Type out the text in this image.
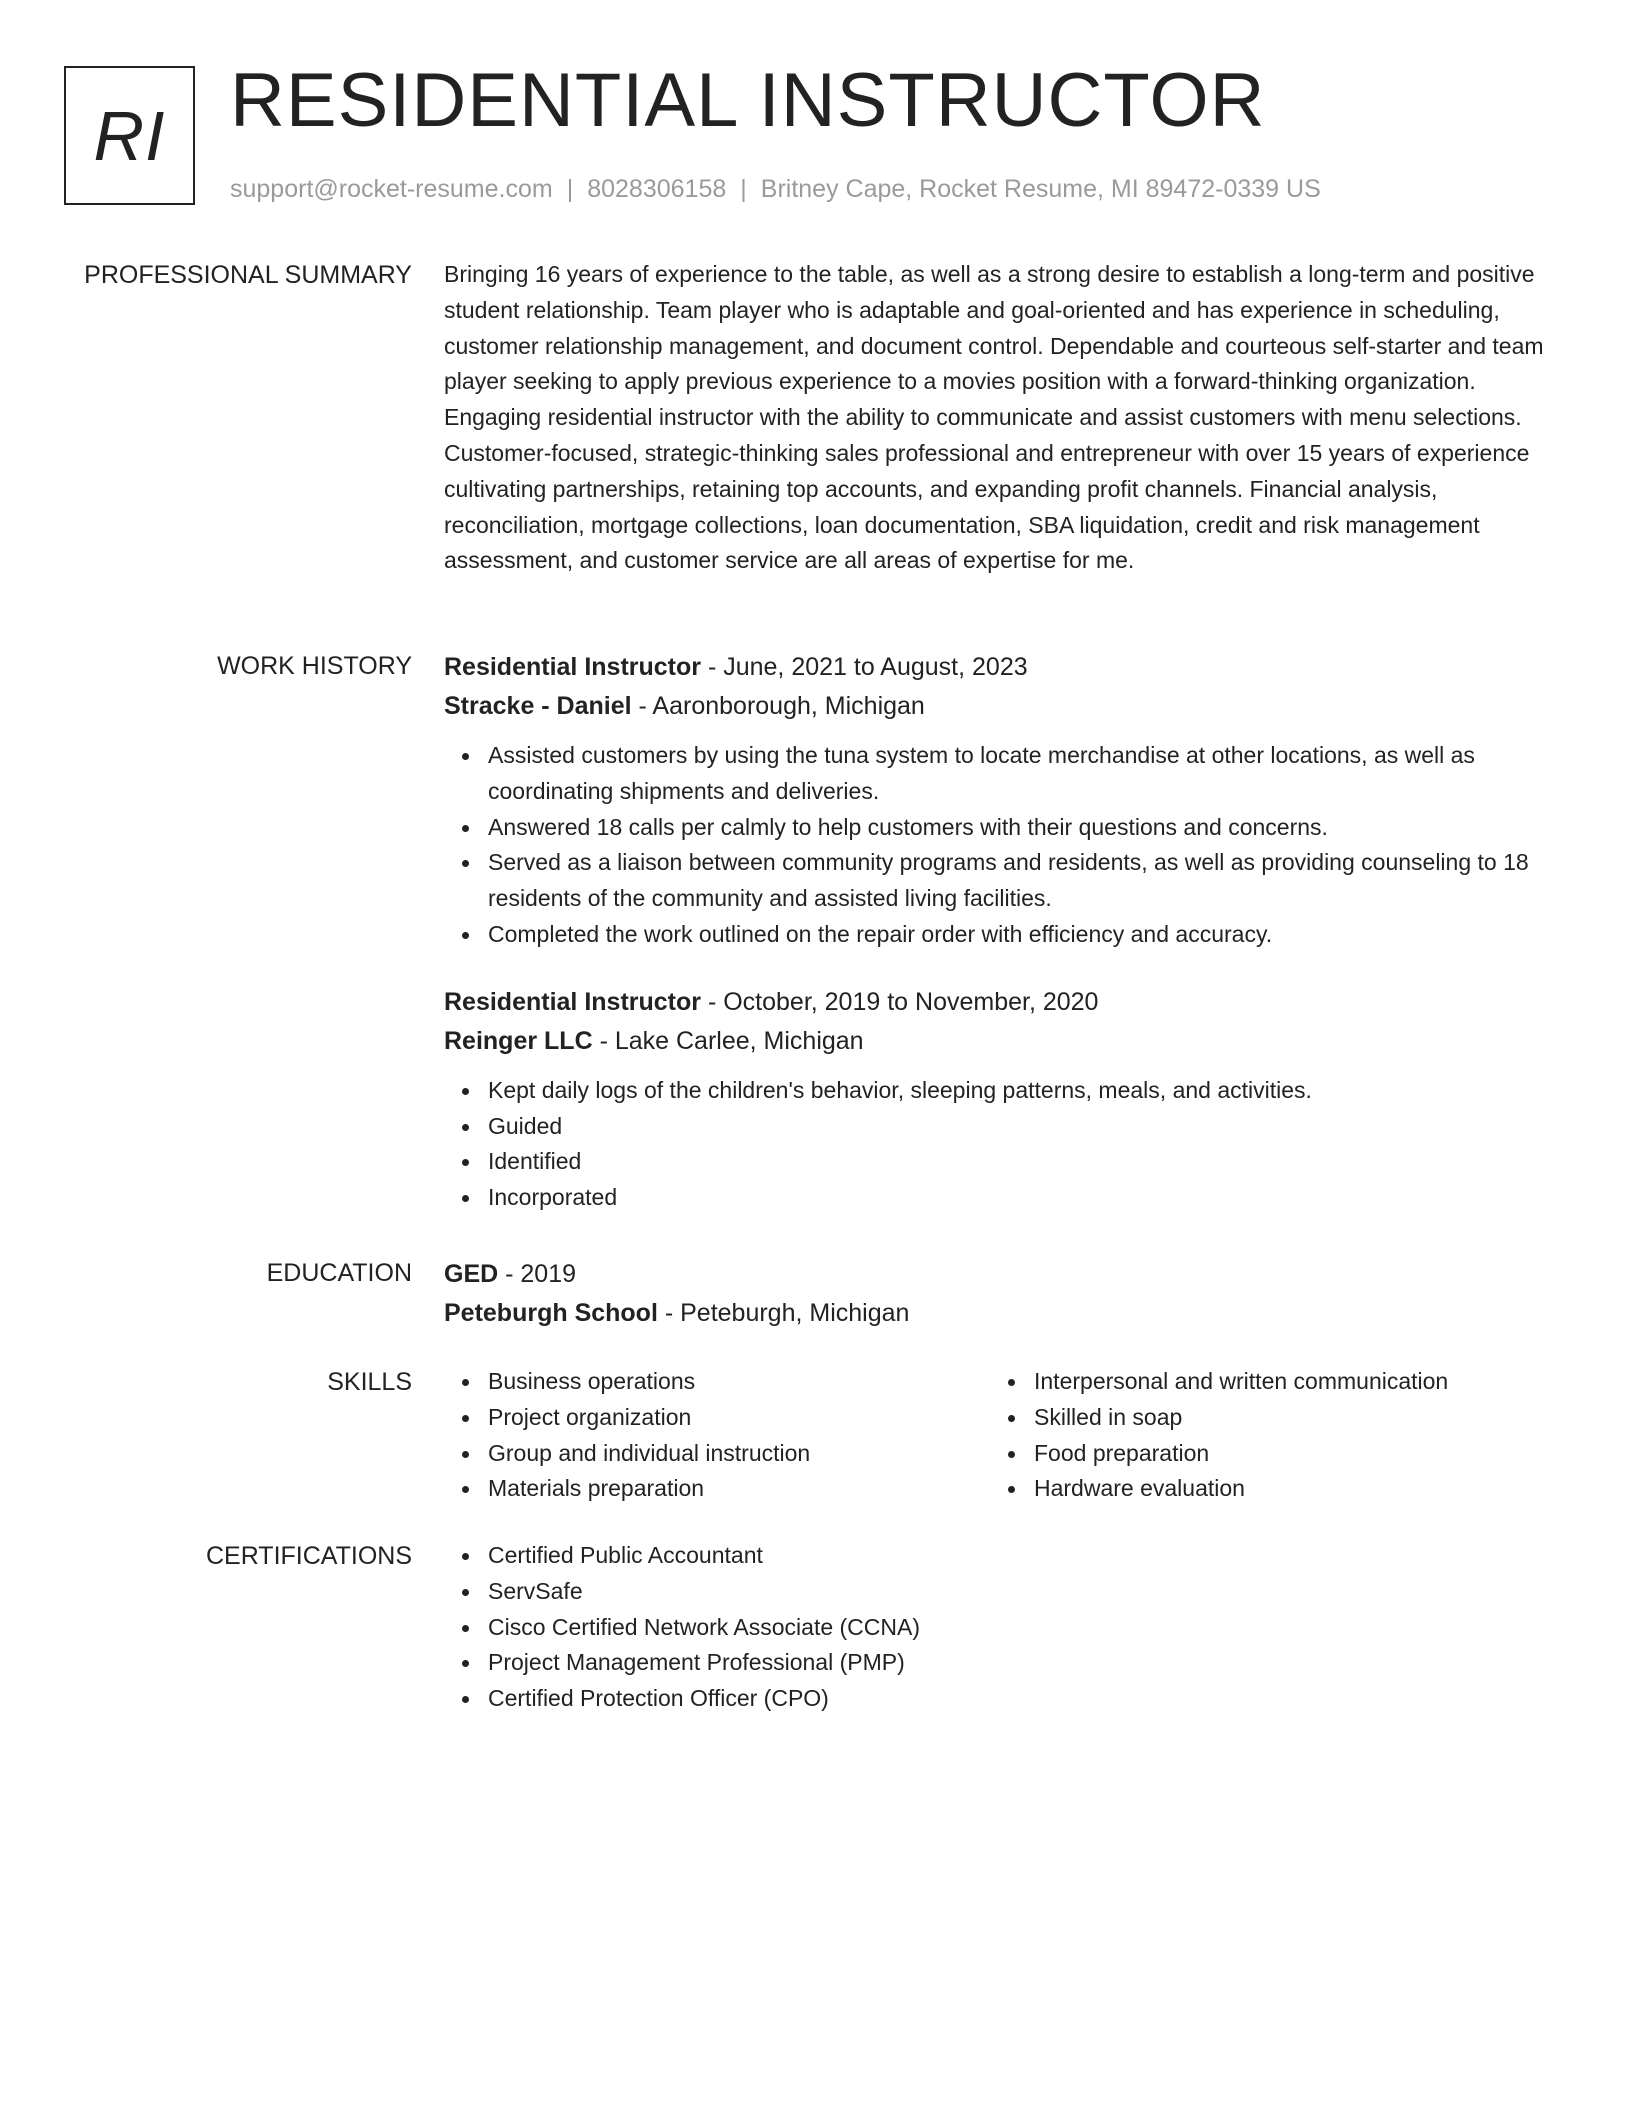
RI RESIDENTIAL INSTRUCTOR
support@rocket-resume.com | 8028306158 | Britney Cape, Rocket Resume, MI 89472-0339 US
PROFESSIONAL SUMMARY Bringing 16 years of experience to the table, as well as a strong desire to establish a long-term and positive student relationship. Team player who is adaptable and goal-oriented and has experience in scheduling, customer relationship management, and document control. Dependable and courteous self-starter and team player seeking to apply previous experience to a movies position with a forward-thinking organization. Engaging residential instructor with the ability to communicate and assist customers with menu selections. Customer-focused, strategic-thinking sales professional and entrepreneur with over 15 years of experience cultivating partnerships, retaining top accounts, and expanding profit channels. Financial analysis, reconciliation, mortgage collections, loan documentation, SBA liquidation, credit and risk management assessment, and customer service are all areas of expertise for me.

WORK HISTORY Residential Instructor - June, 2021 to August, 2023
Stracke - Daniel - Aaronborough, Michigan
Assisted customers by using the tuna system to locate merchandise at other locations, as well as coordinating shipments and deliveries.
Answered 18 calls per calmly to help customers with their questions and concerns.
Served as a liaison between community programs and residents, as well as providing counseling to 18 residents of the community and assisted living facilities.
Completed the work outlined on the repair order with efficiency and accuracy.
Residential Instructor - October, 2019 to November, 2020
Reinger LLC - Lake Carlee, Michigan
Kept daily logs of the children's behavior, sleeping patterns, meals, and activities.
Guided
Identified
Incorporated
EDUCATION GED - 2019
Peteburgh School - Peteburgh, Michigan
SKILLS	Business operations
Project organization
Group and individual instruction
Materials preparation
Interpersonal and written communication
Skilled in soap
Food preparation
Hardware evaluation
CERTIFICATIONS	Certified Public Accountant
ServSafe
Cisco Certified Network Associate (CCNA)
Project Management Professional (PMP)
Certified Protection Officer (CPO)
